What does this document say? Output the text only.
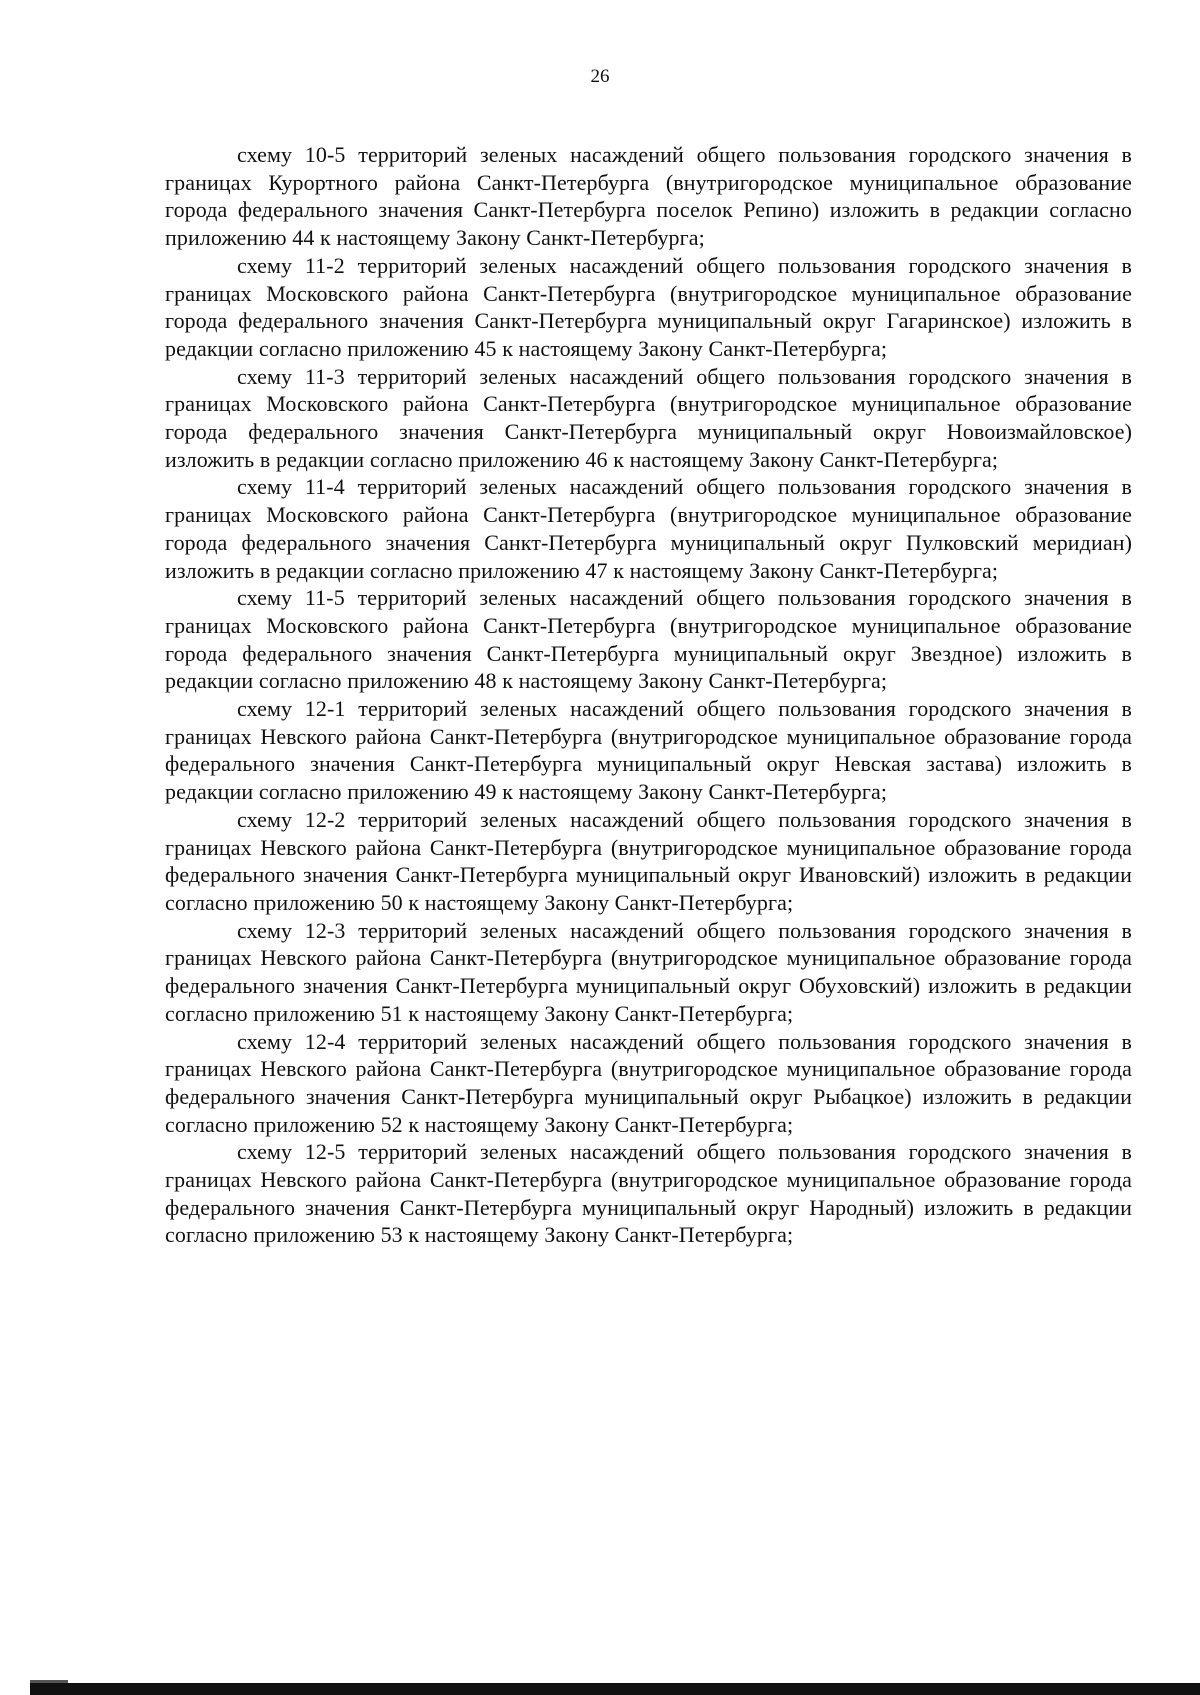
26

схему 10-5 территорий зеленых насаждений общего пользования городского значения в границах Курортного района Санкт-Петербурга (внутригородское муниципальное образование города федерального значения Санкт-Петербурга поселок Репино) изложить в редакции согласно приложению 44 к настоящему Закону Санкт-Петербурга;

схему 11-2 территорий зеленых насаждений общего пользования городского значения в границах Московского района Санкт-Петербурга (внутригородское муниципальное образование города федерального значения Санкт-Петербурга муниципальный округ Гагаринское) изложить в редакции согласно приложению 45 к настоящему Закону Санкт-Петербурга;

схему 11-3 территорий зеленых насаждений общего пользования городского значения в границах Московского района Санкт-Петербурга (внутригородское муниципальное образование города федерального значения Санкт-Петербурга муниципальный округ Новоизмайловское) изложить в редакции согласно приложению 46 к настоящему Закону Санкт-Петербурга;

схему 11-4 территорий зеленых насаждений общего пользования городского значения в границах Московского района Санкт-Петербурга (внутригородское муниципальное образование города федерального значения Санкт-Петербурга муниципальный округ Пулковский меридиан) изложить в редакции согласно приложению 47 к настоящему Закону Санкт-Петербурга;

схему 11-5 территорий зеленых насаждений общего пользования городского значения в границах Московского района Санкт-Петербурга (внутригородское муниципальное образование города федерального значения Санкт-Петербурга муниципальный округ Звездное) изложить в редакции согласно приложению 48 к настоящему Закону Санкт-Петербурга;

схему 12-1 территорий зеленых насаждений общего пользования городского значения в границах Невского района Санкт-Петербурга (внутригородское муниципальное образование города федерального значения Санкт-Петербурга муниципальный округ Невская застава) изложить в редакции согласно приложению 49 к настоящему Закону Санкт-Петербурга;

схему 12-2 территорий зеленых насаждений общего пользования городского значения в границах Невского района Санкт-Петербурга (внутригородское муниципальное образование города федерального значения Санкт-Петербурга муниципальный округ Ивановский) изложить в редакции согласно приложению 50 к настоящему Закону Санкт-Петербурга;

схему 12-3 территорий зеленых насаждений общего пользования городского значения в границах Невского района Санкт-Петербурга (внутригородское муниципальное образование города федерального значения Санкт-Петербурга муниципальный округ Обуховский) изложить в редакции согласно приложению 51 к настоящему Закону Санкт-Петербурга;

схему 12-4 территорий зеленых насаждений общего пользования городского значения в границах Невского района Санкт-Петербурга (внутригородское муниципальное образование города федерального значения Санкт-Петербурга муниципальный округ Рыбацкое) изложить в редакции согласно приложению 52 к настоящему Закону Санкт-Петербурга;

схему 12-5 территорий зеленых насаждений общего пользования городского значения в границах Невского района Санкт-Петербурга (внутригородское муниципальное образование города федерального значения Санкт-Петербурга муниципальный округ Народный) изложить в редакции согласно приложению 53 к настоящему Закону Санкт-Петербурга;
